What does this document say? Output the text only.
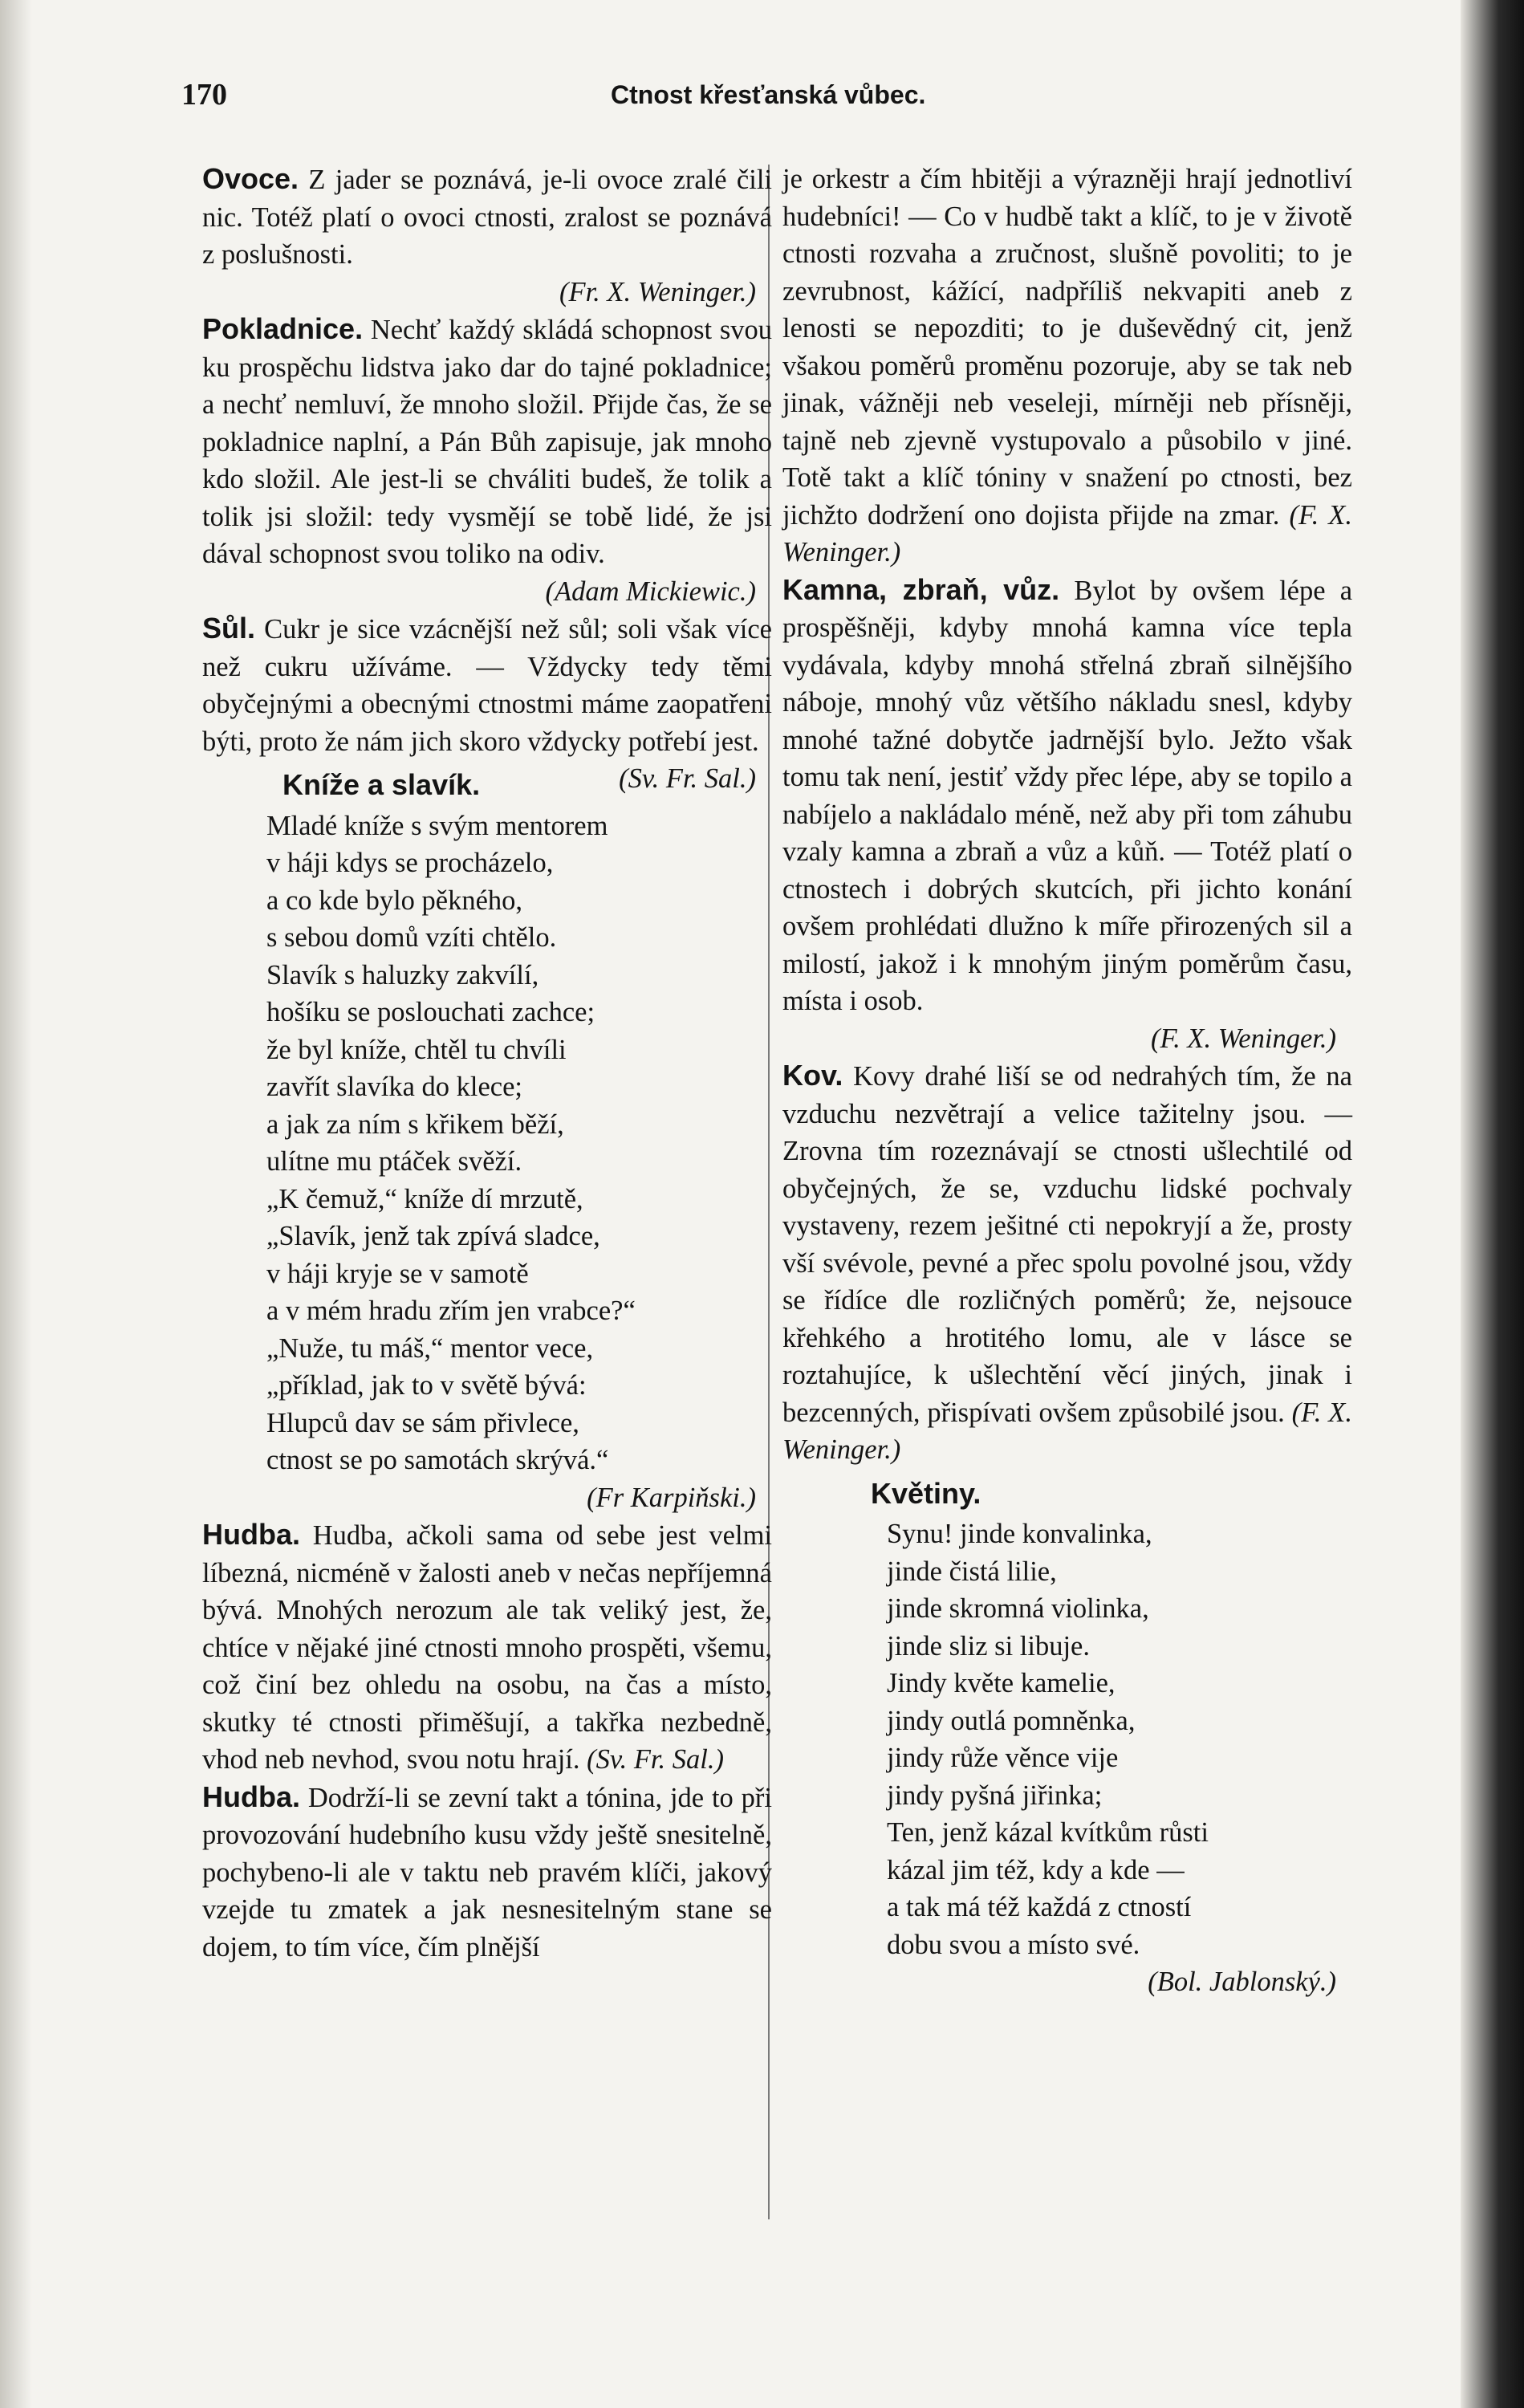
170	Ctnost křesťanská vůbec.

Ovoce. Z jader se poznává, je-li ovoce zralé čili nic. Totéž platí o ovoci ctnosti, zralost se poznává z poslušnosti.

(Fr. X. Weninger.)

Pokladnice. Nechť každý skládá schopnost svou ku prospěchu lidstva jako dar do tajné pokladnice; a nechť nemluví, že mnoho složil. Přijde čas, že se pokladnice naplní, a Pán Bůh zapisuje, jak mnoho kdo složil. Ale jest-li se chváliti budeš, že tolik a tolik jsi složil: tedy vysmějí se tobě lidé, že jsi dával schopnost svou toliko na odiv.

(Adam Mickiewic.)

Sůl. Cukr je sice vzácnější než sůl; soli však více než cukru užíváme. — Vždycky tedy těmi obyčejnými a obecnými ctnostmi máme zaopatřeni býti, proto že nám jich skoro vždycky potřebí jest.
(Sv. Fr. Sal.)

Kníže a slavík.
Mladé kníže s svým mentorem
v háji kdys se procházelo,
a co kde bylo pěkného,
s sebou domů vzíti chtělo.
Slavík s haluzky zakvílí,
hošíku se poslouchati zachce;
že byl kníže, chtěl tu chvíli
zavřít slavíka do klece;
a jak za ním s křikem běží,
ulítne mu ptáček svěží.
„K čemuž,“ kníže dí mrzutě,
„Slavík, jenž tak zpívá sladce,
v háji kryje se v samotě
a v mém hradu zřím jen vrabce?“
„Nuže, tu máš,“ mentor vece,
„příklad, jak to v světě bývá:
Hlupců dav se sám přivlece,
ctnost se po samotách skrývá.“
(Fr Karpiňski.)

Hudba. Hudba, ačkoli sama od sebe jest velmi líbezná, nicméně v žalosti aneb v nečas nepříjemná bývá. Mnohých nerozum ale tak veliký jest, že, chtíce v nějaké jiné ctnosti mnoho prospěti, všemu, což činí bez ohledu na osobu, na čas a místo, skutky té ctnosti přiměšují, a takřka nezbedně, vhod neb nevhod, svou notu hrají. (Sv. Fr. Sal.)

Hudba. Dodrží-li se zevní takt a tónina, jde to při provozování hudebního kusu vždy ještě snesitelně, pochybeno-li ale v taktu neb pravém klíči, jakový vzejde tu zmatek a jak nesnesitelným stane se dojem, to tím více, čím plnější

je orkestr a čím hbitěji a výrazněji hrají jednotliví hudebníci! — Co v hudbě takt a klíč, to je v životě ctnosti rozvaha a zručnost, slušně povoliti; to je zevrubnost, kážící, nadpříliš nekvapiti aneb z lenosti se nepozditi; to je duševědný cit, jenž všakou poměrů proměnu pozoruje, aby se tak neb jinak, vážněji neb veseleji, mírněji neb přísněji, tajně neb zjevně vystupovalo a působilo v jiné. Totě takt a klíč tóniny v snažení po ctnosti, bez jichžto dodržení ono dojista přijde na zmar. (F. X. Weninger.)

Kamna, zbraň, vůz. Bylot by ovšem lépe a prospěšněji, kdyby mnohá kamna více tepla vydávala, kdyby mnohá střelná zbraň silnějšího náboje, mnohý vůz většího nákladu snesl, kdyby mnohé tažné dobytče jadrnější bylo. Ježto však tomu tak není, jestiť vždy přec lépe, aby se topilo a nabíjelo a nakládalo méně, než aby při tom záhubu vzaly kamna a zbraň a vůz a kůň. — Totéž platí o ctnostech i dobrých skutcích, při jichto konání ovšem prohlédati dlužno k míře přirozených sil a milostí, jakož i k mnohým jiným poměrům času, místa i osob.

(F. X. Weninger.)

Kov. Kovy drahé liší se od nedrahých tím, že na vzduchu nezvětrají a velice tažitelny jsou. — Zrovna tím rozeznávají se ctnosti ušlechtilé od obyčejných, že se, vzduchu lidské pochvaly vystaveny, rezem ješitné cti nepokryjí a že, prosty vší svévole, pevné a přec spolu povolné jsou, vždy se řídíce dle rozličných poměrů; že, nejsouce křehkého a hrotitého lomu, ale v lásce se roztahujíce, k ušlechtění věcí jiných, jinak i bezcenných, přispívati ovšem způsobilé jsou. (F. X. Weninger.)

Květiny.
Synu! jinde konvalinka,
jinde čistá lilie,
jinde skromná violinka,
jinde sliz si libuje.
Jindy květe kamelie,
jindy outlá pomněnka,
jindy růže věnce vije
jindy pyšná jiřinka;
Ten, jenž kázal kvítkům růsti
kázal jim též, kdy a kde —
a tak má též každá z ctností
dobu svou a místo své.
(Bol. Jablonský.)
